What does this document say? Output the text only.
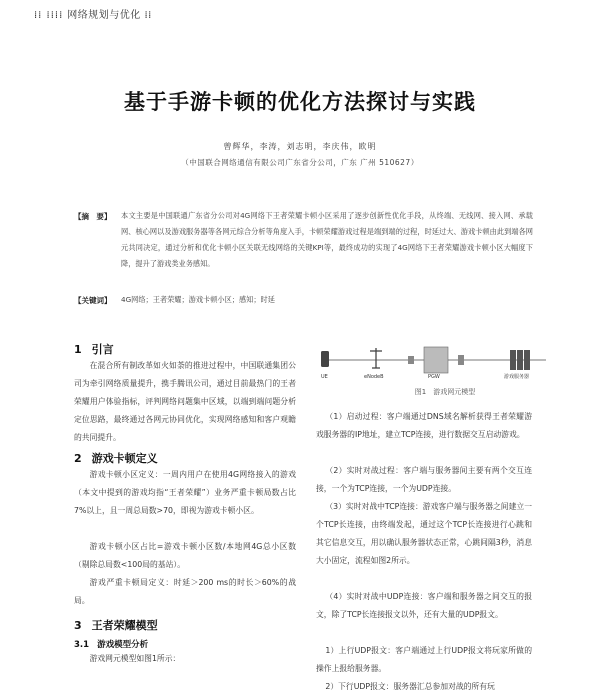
⁞⁞ ⁞⁞⁞⁞ 网络规划与优化 ⁞⁞
基于手游卡顿的优化方法探讨与实践
曾辉华，李涛，刘志明，李庆伟，欧明
（中国联合网络通信有限公司广东省分公司，广东 广州 510627）
【摘　要】 本文主要是中国联通广东省分公司对4G网络下王者荣耀卡顿小区采用了逐步创新性优化手段，从终端、无线网、接入网、承载网、核心网以及游戏服务器等各网元综合分析等角度入手，卡顿荣耀游戏过程是端到端的过程，时延过大、游戏卡顿由此到端各网元共同决定，通过分析和优化卡顿小区关联无线网络的关键KPI等，最终成功的实现了4G网络下王者荣耀游戏卡顿小区大幅度下降，提升了游戏类业务感知。
【关键词】 4G网络；王者荣耀；游戏卡顿小区；感知；时延
1 引言
在混合所有制改革如火如荼的推进过程中，中国联通集团公司为牵引网络质量提升，携手腾讯公司，通过目前最热门的王者荣耀用户体验指标，评判网络问题集中区域，以端到端问题分析定位思路，最终通过各网元协同优化，实现网络感知和客户观瞻的共同提升。
2 游戏卡顿定义
游戏卡顿小区定义：一周内用户在使用4G网络接入的游戏（本文中提到的游戏均指“王者荣耀”）业务严重卡顿局数占比7%以上，且一周总局数>70，即视为游戏卡顿小区。
游戏卡顿小区占比=游戏卡顿小区数/本地网4G总小区数（剔除总局数<100局的基站）。
游戏严重卡顿局定义：时延＞200 ms的时长＞60%的战局。
3 王者荣耀模型
3.1 游戏模型分析
游戏网元模型如图1所示：
UE	eNodeB	PGW	游戏服务器
图1　游戏网元模型
（1）启动过程：客户端通过DNS域名解析获得王者荣耀游戏服务器的IP地址，建立TCP连接，进行数据交互启动游戏。
（2）实时对战过程：客户端与服务器间主要有两个交互连接，一个为TCP连接，一个为UDP连接。
（3）实时对战中TCP连接：游戏客户端与服务器之间建立一个TCP长连接，由终端发起，通过这个TCP长连接进行心跳和其它信息交互，用以确认服务器状态正常，心跳间隔3秒，消息大小固定，流程如图2所示。
（4）实时对战中UDP连接：客户端和服务器之间交互的报文，除了TCP长连接报文以外，还有大量的UDP报文。
1）上行UDP报文：客户端通过上行UDP报文将玩家所做的操作上报给服务器。
2）下行UDP报文：服务器汇总参加对战的所有玩
